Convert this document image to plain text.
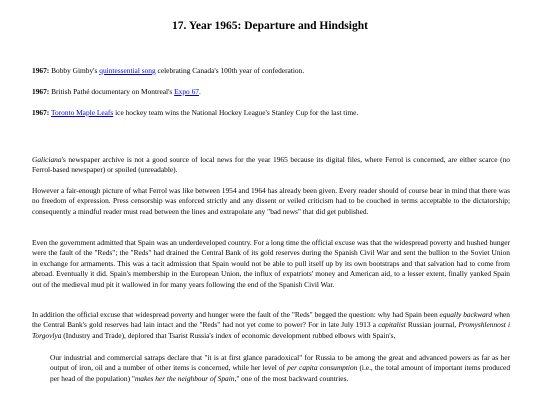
17. Year 1965: Departure and Hindsight

1967: Bobby Gimby's quintessential song celebrating Canada's 100th year of confederation.

1967: British Pathé documentary on Montreal's Expo 67.

1967: Toronto Maple Leafs ice hockey team wins the National Hockey League's Stanley Cup for the last time.

Galiciana's newspaper archive is not a good source of local news for the year 1965 because its digital files, where Ferrol is concerned, are either scarce (no Ferrol-based newspaper) or spoiled (unreadable).

However a fair-enough picture of what Ferrol was like between 1954 and 1964 has already been given. Every reader should of course bear in mind that there was no freedom of expression. Press censorship was enforced strictly and any dissent or veiled criticism had to be couched in terms acceptable to the dictatorship; consequently a mindful reader must read between the lines and extrapolate any "bad news" that did get published.

Even the government admitted that Spain was an underdeveloped country. For a long time the official excuse was that the widespread poverty and hushed hunger were the fault of the "Reds"; the "Reds" had drained the Central Bank of its gold reserves during the Spanish Civil War and sent the bullion to the Soviet Union in exchange for armaments. This was a tacit admission that Spain would not be able to pull itself up by its own bootstraps and that salvation had to come from abroad. Eventually it did. Spain's membership in the European Union, the influx of expatriots' money and American aid, to a lesser extent, finally yanked Spain out of the medieval mud pit it wallowed in for many years following the end of the Spanish Civil War.

In addition the official excuse that widespread poverty and hunger were the fault of the "Reds" begged the question: why had Spain been equally backward when the Central Bank's gold reserves had lain intact and the "Reds" had not yet come to power? For in late July 1913 a capitalist Russian journal, Promyshlennost i Torgovlya (Industry and Trade), deplored that Tsarist Russia's index of economic development rubbed elbows with Spain's,

Our industrial and commercial satraps declare that "it is at first glance paradoxical" for Russia to be among the great and advanced powers as far as her output of iron, oil and a number of other items is concerned, while her level of per capita consumption (i.e., the total amount of important items produced per head of the population) "makes her the neighbour of Spain," one of the most backward countries.
